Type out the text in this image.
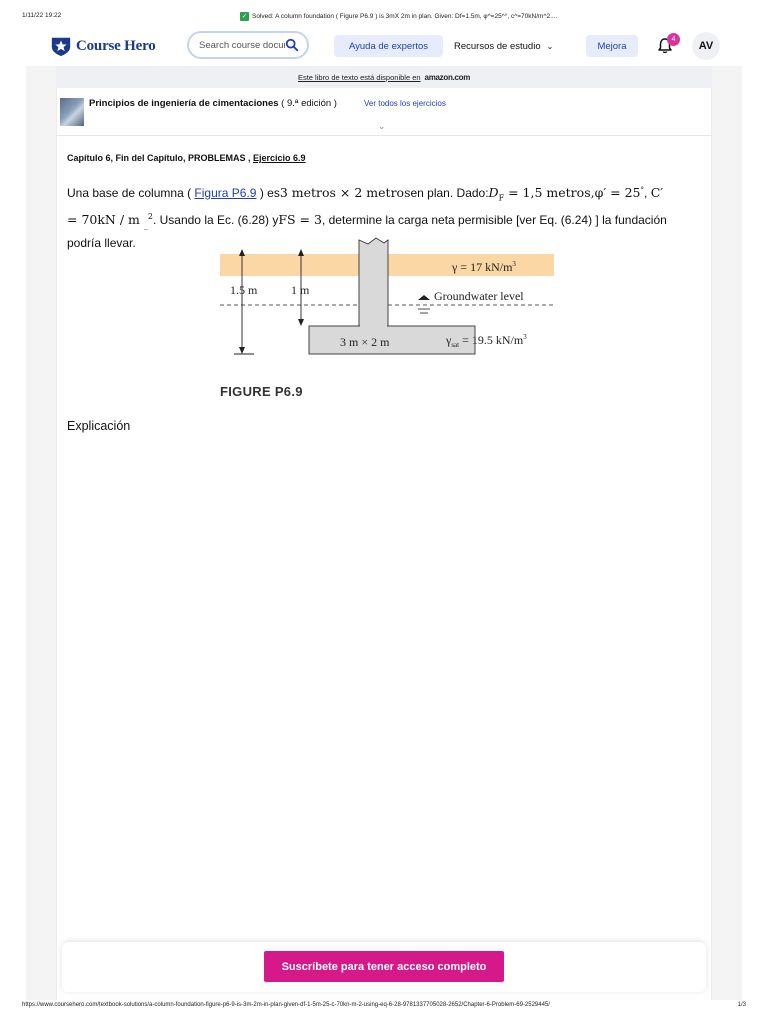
1/11/22 19:22	✓ Solved: A column foundation ( Figure P6.9 ) is 3mX 2m in plan. Given: Df=1.5m, φ^=25^°, c^=70kN/m^2....
Course Hero
Search course documents	Ayuda de expertos	Recursos de estudio ⌄	Mejora
4
AV
Este libro de texto está disponible en amazon.com
Principios de ingeniería de cimentaciones ( 9.ª edición )	Ver todos los ejercicios
⌄
Capítulo 6, Fin del Capítulo, PROBLEMAS , Ejercicio 6.9
Una base de columna ( Figura P6.9 ) es3 metros × 2 metrosen plan. $Dado:D_F = 1,5$ metros,φ′ = 25°, C′ = 70kN / m $_{\_}^2$. Usando la Ec. (6.28) yFS = 3, determine la carga neta permisible [ver Eq. (6.24) ] la fundación podría llevar.
1.5 m	1 m
γ = 17 $kN/m^3$
Groundwater level
3 m × 2 m	$\gamma_{sat} = 19.5$ $kN/m^3$
FIGURE P6.9
Explicación
Suscríbete para tener acceso completo
https://www.coursehero.com/textbook-solutions/a-column-foundation-figure-p6-9-is-3m-2m-in-plan-given-df-1-5m-25-c-70kn-m-2-using-eq-6-28-9781337705028-2652/Chapter-6-Problem-69-2529445/	1/3
